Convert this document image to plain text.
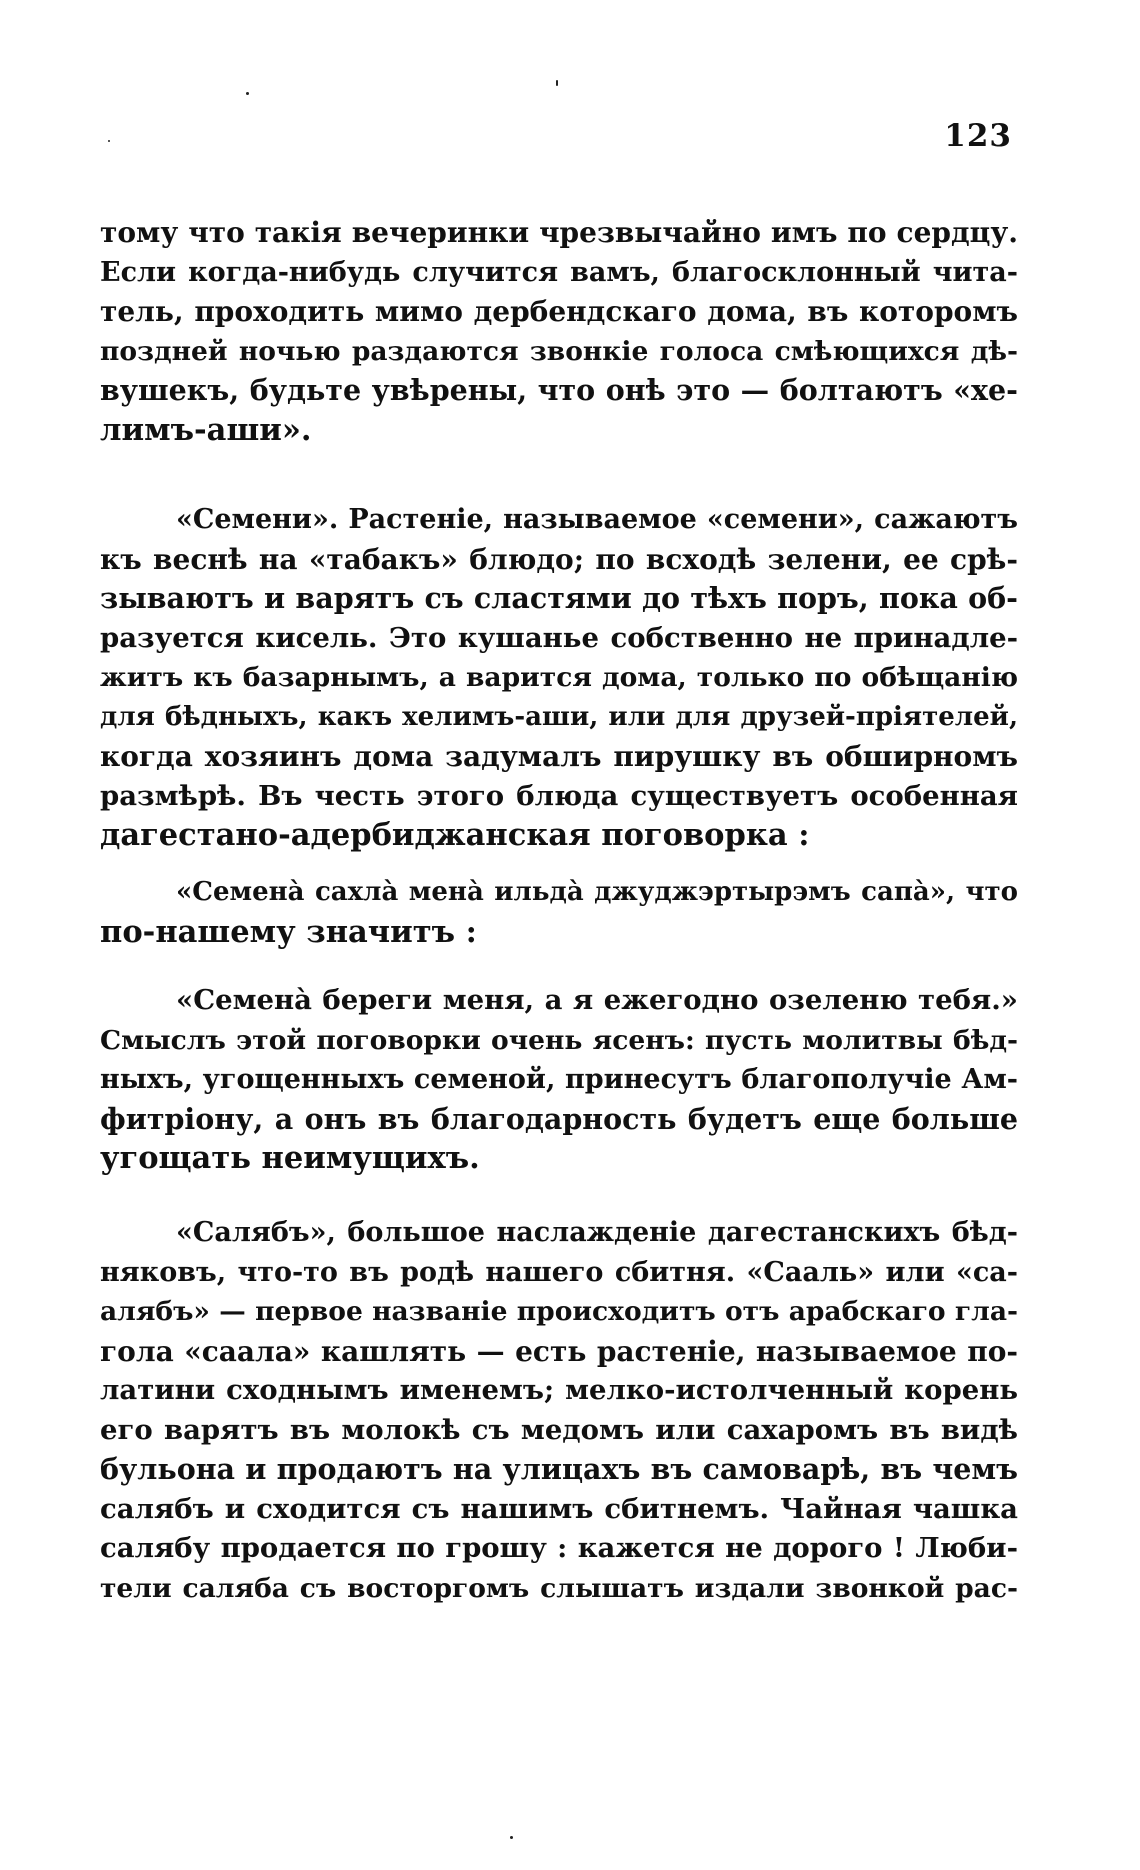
123
тому что такія вечеринки чрезвычайно имъ по сердцу.
Если когда-нибудь случится вамъ, благосклонный чита-
тель, проходить мимо дербендскаго дома, въ которомъ
поздней ночью раздаются звонкіе голоса смѣющихся дѣ-
вушекъ, будьте увѣрены, что онѣ это — болтаютъ «хе-
лимъ-аши».
«Семени». Растеніе, называемое «семени», сажаютъ
къ веснѣ на «табакъ» блюдо; по всходѣ зелени, ее срѣ-
зываютъ и варятъ съ сластями до тѣхъ поръ, пока об-
разуется кисель. Это кушанье собственно не принадле-
житъ къ базарнымъ, а варится дома, только по обѣщанію
для бѣдныхъ, какъ хелимъ-аши, или для друзей-пріятелей,
когда хозяинъ дома задумалъ пирушку въ обширномъ
размѣрѣ. Въ честь этого блюда существуетъ особенная
дагестано-адербиджанская поговорка :
«Семенà сахлà менà ильдà джуджэртырэмъ сапà», что
по-нашему значитъ :
«Семенà береги меня, а я ежегодно озеленю тебя.»
Смыслъ этой поговорки очень ясенъ: пусть молитвы бѣд-
ныхъ, угощенныхъ семеной, принесутъ благополучіе Ам-
фитріону, а онъ въ благодарность будетъ еще больше
угощать неимущихъ.
«Салябъ», большое наслажденіе дагестанскихъ бѣд-
няковъ, что-то въ родѣ нашего сбитня. «Сааль» или «са-
алябъ» — первое названіе происходитъ отъ арабскаго гла-
гола «саала» кашлять — есть растеніе, называемое по-
латини сходнымъ именемъ; мелко-истолченный корень
его варятъ въ молокѣ съ медомъ или сахаромъ въ видѣ
бульона и продаютъ на улицахъ въ самоварѣ, въ чемъ
салябъ и сходится съ нашимъ сбитнемъ. Чайная чашка
салябу продается по грошу : кажется не дорого ! Люби-
тели саляба съ восторгомъ слышатъ издали звонкой рас-
